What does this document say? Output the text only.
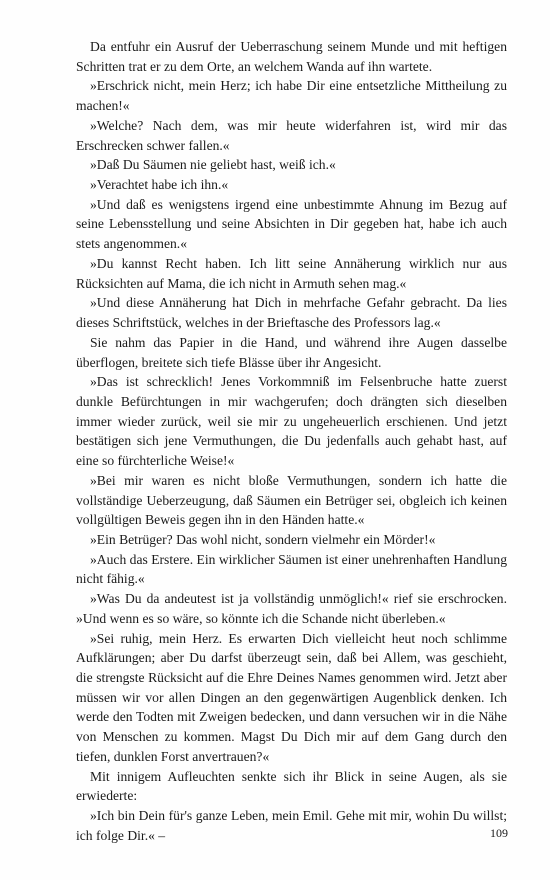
Da entfuhr ein Ausruf der Ueberraschung seinem Munde und mit heftigen Schritten trat er zu dem Orte, an welchem Wanda auf ihn wartete.

»Erschrick nicht, mein Herz; ich habe Dir eine entsetzliche Mittheilung zu machen!«

»Welche? Nach dem, was mir heute widerfahren ist, wird mir das Erschrecken schwer fallen.«

»Daß Du Säumen nie geliebt hast, weiß ich.«

»Verachtet habe ich ihn.«

»Und daß es wenigstens irgend eine unbestimmte Ahnung im Bezug auf seine Lebensstellung und seine Absichten in Dir gegeben hat, habe ich auch stets angenommen.«

»Du kannst Recht haben. Ich litt seine Annäherung wirklich nur aus Rücksichten auf Mama, die ich nicht in Armuth sehen mag.«

»Und diese Annäherung hat Dich in mehrfache Gefahr gebracht. Da lies dieses Schriftstück, welches in der Brieftasche des Professors lag.«

Sie nahm das Papier in die Hand, und während ihre Augen dasselbe überflogen, breitete sich tiefe Blässe über ihr Angesicht.

»Das ist schrecklich! Jenes Vorkommniß im Felsenbruche hatte zuerst dunkle Befürchtungen in mir wachgerufen; doch drängten sich dieselben immer wieder zurück, weil sie mir zu ungeheuerlich erschienen. Und jetzt bestätigen sich jene Vermuthungen, die Du jedenfalls auch gehabt hast, auf eine so fürchterliche Weise!«

»Bei mir waren es nicht bloße Vermuthungen, sondern ich hatte die vollständige Ueberzeugung, daß Säumen ein Betrüger sei, obgleich ich keinen vollgültigen Beweis gegen ihn in den Händen hatte.«

»Ein Betrüger? Das wohl nicht, sondern vielmehr ein Mörder!«

»Auch das Erstere. Ein wirklicher Säumen ist einer unehrenhaften Handlung nicht fähig.«

»Was Du da andeutest ist ja vollständig unmöglich!« rief sie erschrocken. »Und wenn es so wäre, so könnte ich die Schande nicht überleben.«

»Sei ruhig, mein Herz. Es erwarten Dich vielleicht heut noch schlimme Aufklärungen; aber Du darfst überzeugt sein, daß bei Allem, was geschieht, die strengste Rücksicht auf die Ehre Deines Names genommen wird. Jetzt aber müssen wir vor allen Dingen an den gegenwärtigen Augenblick denken. Ich werde den Todten mit Zweigen bedecken, und dann versuchen wir in die Nähe von Menschen zu kommen. Magst Du Dich mir auf dem Gang durch den tiefen, dunklen Forst anvertrauen?«

Mit innigem Aufleuchten senkte sich ihr Blick in seine Augen, als sie erwiederte:

»Ich bin Dein für's ganze Leben, mein Emil. Gehe mit mir, wohin Du willst; ich folge Dir.« –	109
